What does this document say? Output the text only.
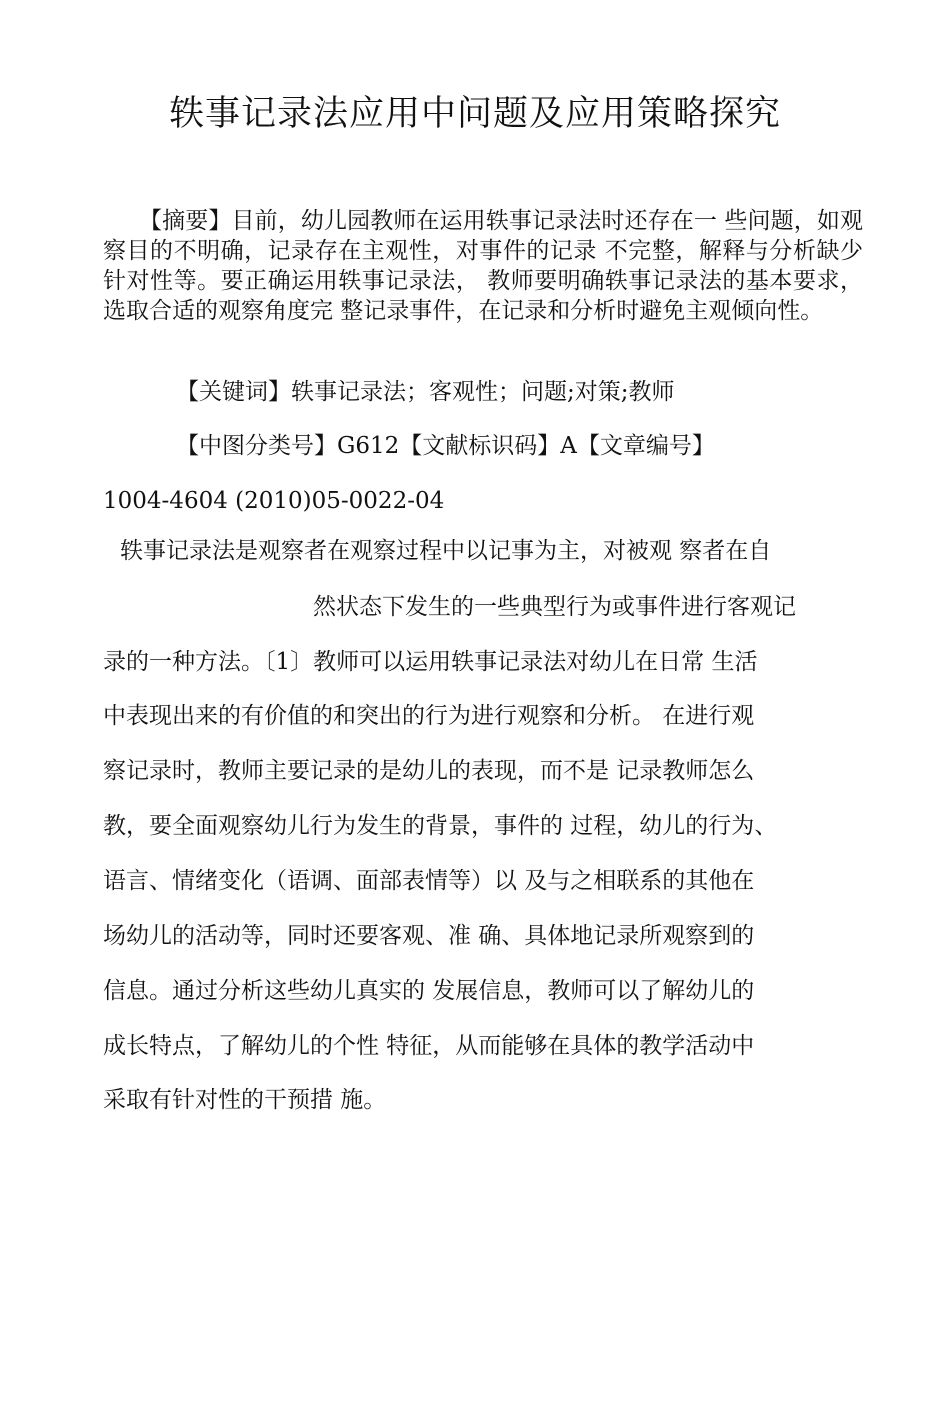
轶事记录法应用中问题及应用策略探究

【摘要】目前，幼儿园教师在运用轶事记录法时还存在一 些问题，如观察目的不明确，记录存在主观性，对事件的记录 不完整，解释与分析缺少针对性等。要正确运用轶事记录法， 教师要明确轶事记录法的基本要求，选取合适的观察角度完 整记录事件，在记录和分析时避免主观倾向性。

【关键词】轶事记录法；客观性；问题;对策;教师

【中图分类号】G612【文献标识码】A【文章编号】

1004-4604 (2010)05-0022-04

轶事记录法是观察者在观察过程中以记事为主，对被观 察者在自

然状态下发生的一些典型行为或事件进行客观记

录的一种方法。〔1〕教师可以运用轶事记录法对幼儿在日常 生活

中表现出来的有价值的和突出的行为进行观察和分析。 在进行观

察记录时，教师主要记录的是幼儿的表现，而不是 记录教师怎么

教，要全面观察幼儿行为发生的背景，事件的 过程，幼儿的行为、

语言、情绪变化（语调、面部表情等）以 及与之相联系的其他在

场幼儿的活动等，同时还要客观、准 确、具体地记录所观察到的

信息。通过分析这些幼儿真实的 发展信息，教师可以了解幼儿的

成长特点，了解幼儿的个性 特征，从而能够在具体的教学活动中

采取有针对性的干预措 施。
